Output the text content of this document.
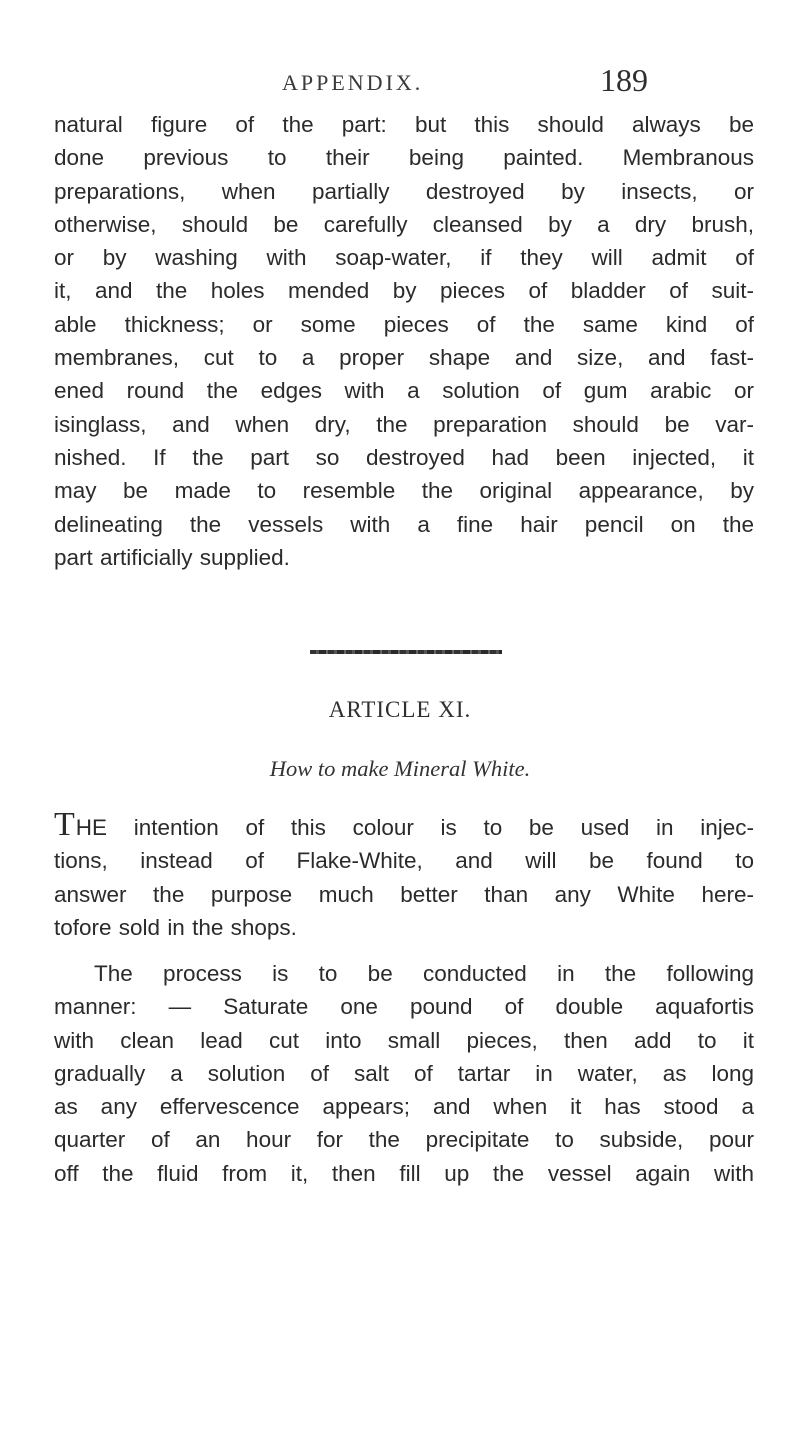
APPENDIX.	189
natural figure of the part: but this should always be
done previous to their being painted. Membranous
preparations, when partially destroyed by insects, or
otherwise, should be carefully cleansed by a dry brush,
or by washing with soap-water, if they will admit of
it, and the holes mended by pieces of bladder of suit-
able thickness; or some pieces of the same kind of
membranes, cut to a proper shape and size, and fast-
ened round the edges with a solution of gum arabic or
isinglass, and when dry, the preparation should be var-
nished. If the part so destroyed had been injected, it
may be made to resemble the original appearance, by
delineating the vessels with a fine hair pencil on the
part artificially supplied.
ARTICLE XI.
How to make Mineral White.
THE intention of this colour is to be used in injec-
tions, instead of Flake-White, and will be found to
answer the purpose much better than any White here-
tofore sold in the shops.
The process is to be conducted in the following
manner: — Saturate one pound of double aquafortis
with clean lead cut into small pieces, then add to it
gradually a solution of salt of tartar in water, as long
as any effervescence appears; and when it has stood a
quarter of an hour for the precipitate to subside, pour
off the fluid from it, then fill up the vessel again with
